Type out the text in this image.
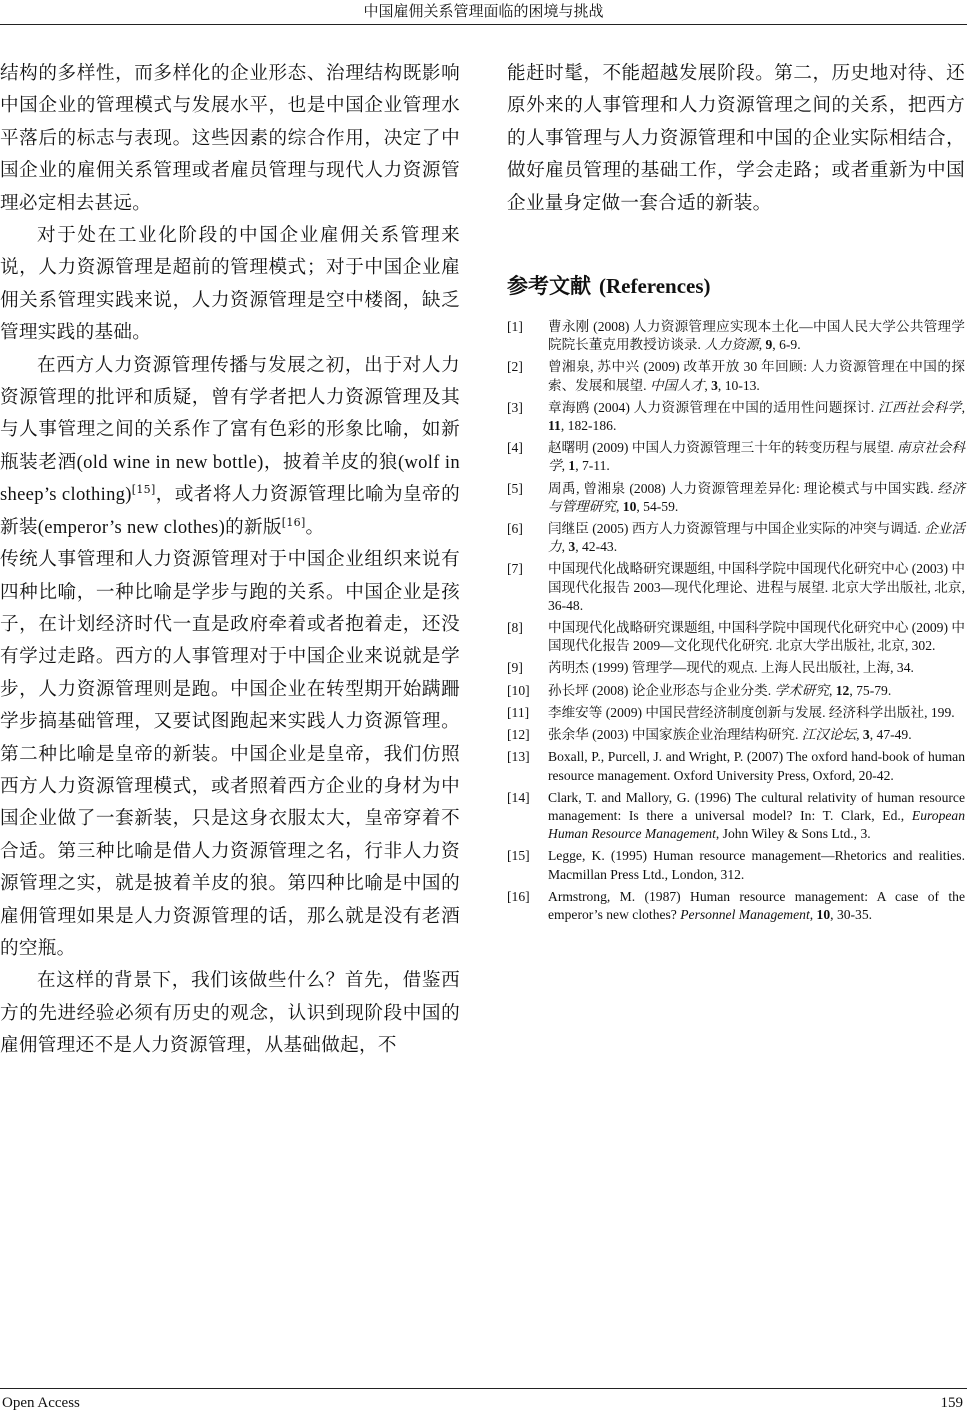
中国雇佣关系管理面临的困境与挑战

结构的多样性，而多样化的企业形态、治理结构既影响中国企业的管理模式与发展水平，也是中国企业管理水平落后的标志与表现。这些因素的综合作用，决定了中国企业的雇佣关系管理或者雇员管理与现代人力资源管理必定相去甚远。

对于处在工业化阶段的中国企业雇佣关系管理来说，人力资源管理是超前的管理模式；对于中国企业雇佣关系管理实践来说，人力资源管理是空中楼阁，缺乏管理实践的基础。

在西方人力资源管理传播与发展之初，出于对人力资源管理的批评和质疑，曾有学者把人力资源管理及其与人事管理之间的关系作了富有色彩的形象比喻，如新瓶装老酒(old wine in new bottle)，披着羊皮的狼(wolf in sheep’s clothing)[15]，或者将人力资源管理比喻为皇帝的新装(emperor’s new clothes)的新版[16]。

传统人事管理和人力资源管理对于中国企业组织来说有四种比喻，一种比喻是学步与跑的关系。中国企业是孩子，在计划经济时代一直是政府牵着或者抱着走，还没有学过走路。西方的人事管理对于中国企业来说就是学步，人力资源管理则是跑。中国企业在转型期开始蹒跚学步搞基础管理，又要试图跑起来实践人力资源管理。第二种比喻是皇帝的新装。中国企业是皇帝，我们仿照西方人力资源管理模式，或者照着西方企业的身材为中国企业做了一套新装，只是这身衣服太大，皇帝穿着不合适。第三种比喻是借人力资源管理之名，行非人力资源管理之实，就是披着羊皮的狼。第四种比喻是中国的雇佣管理如果是人力资源管理的话，那么就是没有老酒的空瓶。

在这样的背景下，我们该做些什么？首先，借鉴西方的先进经验必须有历史的观念，认识到现阶段中国的雇佣管理还不是人力资源管理，从基础做起，不

能赶时髦，不能超越发展阶段。第二，历史地对待、还原外来的人事管理和人力资源管理之间的关系，把西方的人事管理与人力资源管理和中国的企业实际相结合，做好雇员管理的基础工作，学会走路；或者重新为中国企业量身定做一套合适的新装。

参考文献 (References)
[1] 曹永刚 (2008) 人力资源管理应实现本土化—中国人民大学公共管理学院院长董克用教授访谈录. 人力资源, 9, 6-9.
[2] 曾湘泉, 苏中兴 (2009) 改革开放 30 年回顾: 人力资源管理在中国的探索、发展和展望. 中国人才, 3, 10-13.
[3] 章海鸥 (2004) 人力资源管理在中国的适用性问题探讨. 江西社会科学, 11, 182-186.
[4] 赵曙明 (2009) 中国人力资源管理三十年的转变历程与展望. 南京社会科学, 1, 7-11.
[5] 周禹, 曾湘泉 (2008) 人力资源管理差异化: 理论模式与中国实践. 经济与管理研究, 10, 54-59.
[6] 闫继臣 (2005) 西方人力资源管理与中国企业实际的冲突与调适. 企业活力, 3, 42-43.
[7] 中国现代化战略研究课题组, 中国科学院中国现代化研究中心 (2003) 中国现代化报告 2003—现代化理论、进程与展望. 北京大学出版社, 北京, 36-48.
[8] 中国现代化战略研究课题组, 中国科学院中国现代化研究中心 (2009) 中国现代化报告 2009—文化现代化研究. 北京大学出版社, 北京, 302.
[9] 芮明杰 (1999) 管理学—现代的观点. 上海人民出版社, 上海, 34.
[10] 孙长坪 (2008) 论企业形态与企业分类. 学术研究, 12, 75-79.
[11] 李维安等 (2009) 中国民营经济制度创新与发展. 经济科学出版社, 199.
[12] 张余华 (2003) 中国家族企业治理结构研究. 江汉论坛, 3, 47-49.
[13] Boxall, P., Purcell, J. and Wright, P. (2007) The oxford hand-book of human resource management. Oxford University Press, Oxford, 20-42.
[14] Clark, T. and Mallory, G. (1996) The cultural relativity of human resource management: Is there a universal model? In: T. Clark, Ed., European Human Resource Management, John Wiley & Sons Ltd., 3.
[15] Legge, K. (1995) Human resource management—Rhetorics and realities. Macmillan Press Ltd., London, 312.
[16] Armstrong, M. (1987) Human resource management: A case of the emperor’s new clothes? Personnel Management, 10, 30-35.
Open Access	159
